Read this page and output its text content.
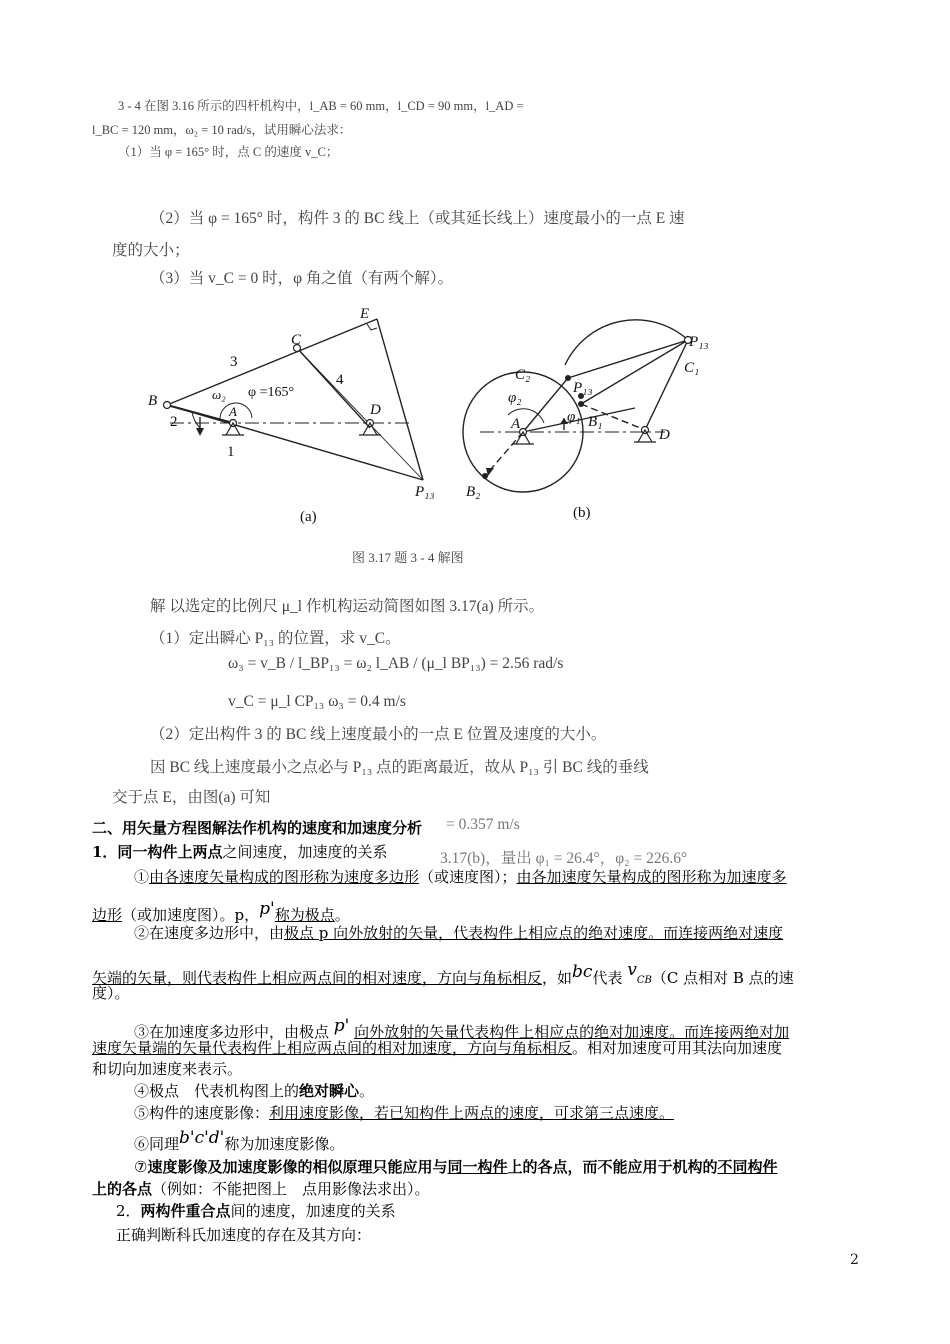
3 - 4 在图 3.16 所示的四杆机构中，l_AB = 60 mm，l_CD = 90 mm，l_AD =
l_BC = 120 mm，ω₂ = 10 rad/s，试用瞬心法求：
（1）当 φ = 165° 时，点 C 的速度 v_C；
（2）当 φ = 165° 时，构件 3 的 BC 线上（或其延长线上）速度最小的一点 E 速
度的大小；
（3）当 v_C = 0 时，φ 角之值（有两个解）。
B
C
E
A	D
P₁₃
ω₂ φ =165°
C₂
P₁₃
P₁₃
C₁
B₁
B₂
A
D
φ₂
φ₁
3
4
2
1
(a)	(b)
图 3.17 题 3 - 4 解图
解 以选定的比例尺 μ_l 作机构运动简图如图 3.17(a) 所示。
（1）定出瞬心 P₁₃ 的位置，求 v_C。
ω₃ = v_B / l_BP₁₃ = ω₂ l_AB / (μ_l BP₁₃) = 2.56 rad/s
v_C = μ_l CP₁₃ ω₃ = 0.4 m/s
（2）定出构件 3 的 BC 线上速度最小的一点 E 位置及速度的大小。
因 BC 线上速度最小之点必与 P₁₃ 点的距离最近，故从 P₁₃ 引 BC 线的垂线
交于点 E，由图(a) 可知
= 0.357 m/s
3.17(b)，量出 φ₁ = 26.4°，φ₂ = 226.6°
二、用矢量方程图解法作机构的速度和加速度分析
1．同一构件上两点之间速度，加速度的关系
①由各速度矢量构成的图形称为速度多边形（或速度图）；由各加速度矢量构成的图形称为加速度多
边形（或加速度图）。p，p'称为极点。
②在速度多边形中，由极点 p 向外放射的矢量，代表构件上相应点的绝对速度。而连接两绝对速度
矢端的矢量，则代表构件上相应两点间的相对速度，方向与角标相反，如bc代表 vCB（C 点相对 B 点的速
度）。
③在加速度多边形中，由极点 p' 向外放射的矢量代表构件上相应点的绝对加速度。而连接两绝对加
速度矢量端的矢量代表构件上相应两点间的相对加速度，方向与角标相反。相对加速度可用其法向加速度
和切向加速度来表示。
④极点　代表机构图上的绝对瞬心。
⑤构件的速度影像：利用速度影像，若已知构件上两点的速度，可求第三点速度。
⑥同理b'c'd'称为加速度影像。
⑦速度影像及加速度影像的相似原理只能应用与同一构件上的各点，而不能应用于机构的不同构件
上的各点（例如：不能把图上　点用影像法求出）。
2．两构件重合点间的速度，加速度的关系
正确判断科氏加速度的存在及其方向：
2
